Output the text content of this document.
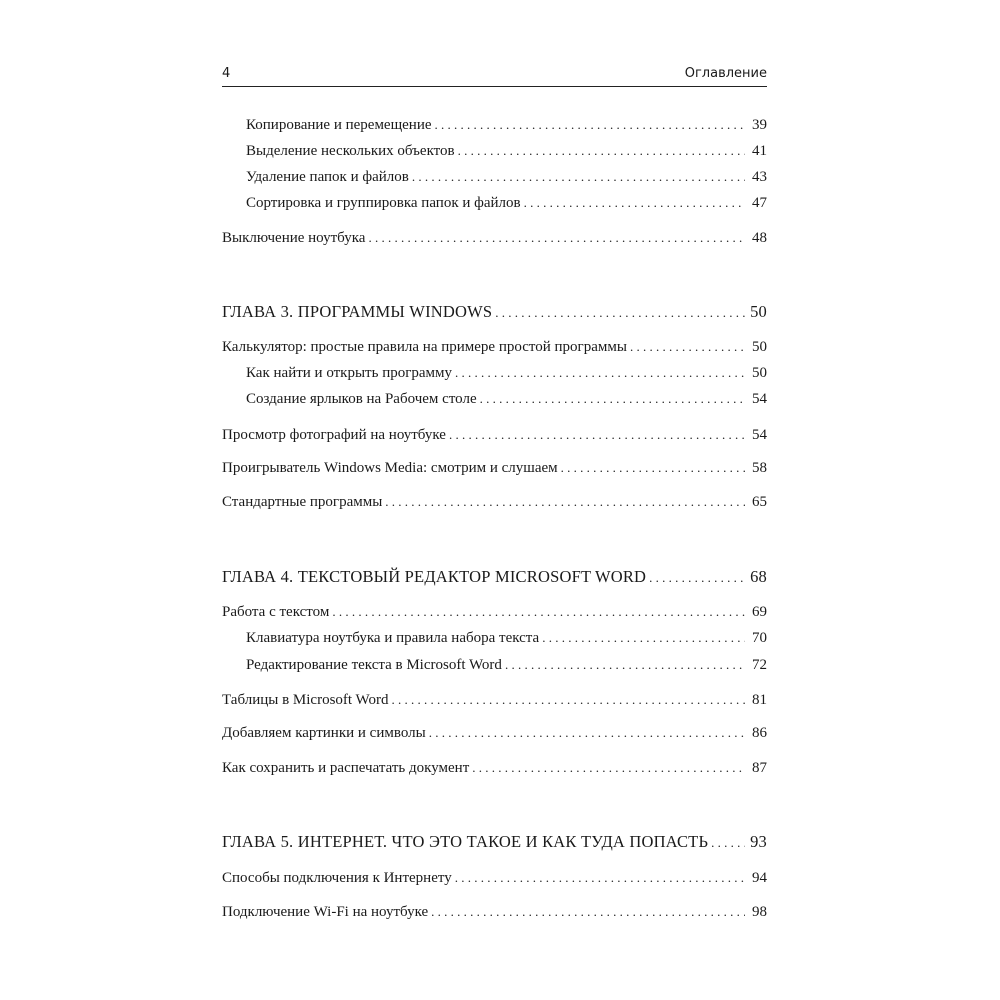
4	Оглавление
Копирование и перемещение . . .	39
Выделение нескольких объектов . . .	41
Удаление папок и файлов . . .	43
Сортировка и группировка папок и файлов . . .	47
Выключение ноутбука . . .	48
ГЛАВА 3. ПРОГРАММЫ WINDOWS . . .	50
Калькулятор: простые правила на примере простой программы . . .	50
Как найти и открыть программу . . .	50
Создание ярлыков на Рабочем столе . . .	54
Просмотр фотографий на ноутбуке . . .	54
Проигрыватель Windows Media: смотрим и слушаем . . .	58
Стандартные программы . . .	65
ГЛАВА 4. ТЕКСТОВЫЙ РЕДАКТОР MICROSOFT WORD . . .	68
Работа с текстом . . .	69
Клавиатура ноутбука и правила набора текста . . .	70
Редактирование текста в Microsoft Word . . .	72
Таблицы в Microsoft Word . . .	81
Добавляем картинки и символы . . .	86
Как сохранить и распечатать документ . . .	87
ГЛАВА 5. ИНТЕРНЕТ. ЧТО ЭТО ТАКОЕ И КАК ТУДА ПОПАСТЬ . . .	93
Способы подключения к Интернету . . .	94
Подключение Wi-Fi на ноутбуке . . .	98
